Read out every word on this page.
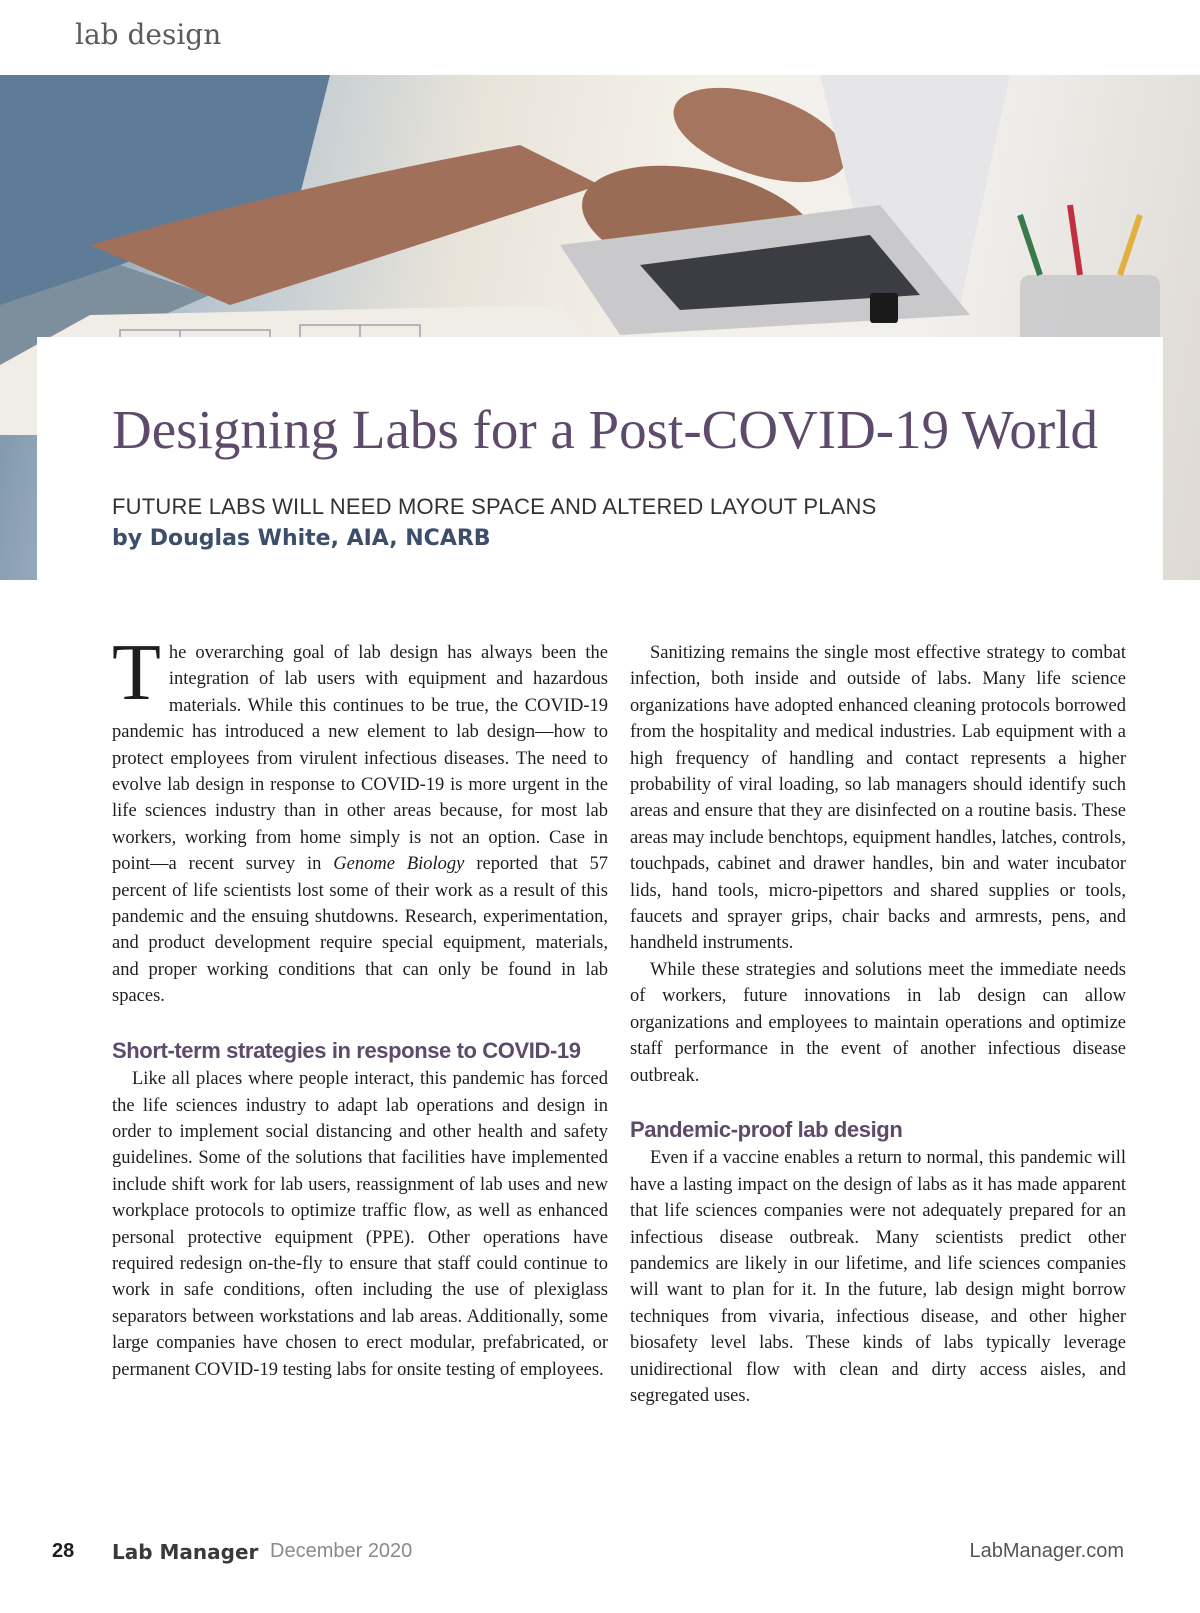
lab design
Designing Labs for a Post-COVID-19 World
FUTURE LABS WILL NEED MORE SPACE AND ALTERED LAYOUT PLANS
by Douglas White, AIA, NCARB

The overarching goal of lab design has always been the integration of lab users with equipment and hazardous materials. While this continues to be true, the COVID-19 pandemic has introduced a new element to lab design—how to protect employees from virulent infectious diseases. The need to evolve lab design in response to COVID-19 is more urgent in the life sciences industry than in other areas because, for most lab workers, working from home simply is not an option. Case in point—a recent survey in Genome Biology reported that 57 percent of life scientists lost some of their work as a result of this pandemic and the ensuing shutdowns. Research, experimentation, and product development require special equipment, materials, and proper working conditions that can only be found in lab spaces.

Short-term strategies in response to COVID-19

Like all places where people interact, this pandemic has forced the life sciences industry to adapt lab operations and design in order to implement social distancing and other health and safety guidelines. Some of the solutions that facilities have implemented include shift work for lab users, reassignment of lab uses and new workplace protocols to optimize traffic flow, as well as enhanced personal protective equipment (PPE). Other operations have required redesign on-the-fly to ensure that staff could continue to work in safe conditions, often including the use of plexiglass separators between workstations and lab areas. Additionally, some large companies have chosen to erect modular, prefabricated, or permanent COVID-19 testing labs for onsite testing of employees.

Sanitizing remains the single most effective strategy to combat infection, both inside and outside of labs. Many life science organizations have adopted enhanced cleaning protocols borrowed from the hospitality and medical industries. Lab equipment with a high frequency of handling and contact represents a higher probability of viral loading, so lab managers should identify such areas and ensure that they are disinfected on a routine basis. These areas may include benchtops, equipment handles, latches, controls, touchpads, cabinet and drawer handles, bin and water incubator lids, hand tools, micro-pipettors and shared supplies or tools, faucets and sprayer grips, chair backs and armrests, pens, and handheld instruments.

While these strategies and solutions meet the immediate needs of workers, future innovations in lab design can allow organizations and employees to maintain operations and optimize staff performance in the event of another infectious disease outbreak.

Pandemic-proof lab design

Even if a vaccine enables a return to normal, this pandemic will have a lasting impact on the design of labs as it has made apparent that life sciences companies were not adequately prepared for an infectious disease outbreak. Many scientists predict other pandemics are likely in our lifetime, and life sciences companies will want to plan for it. In the future, lab design might borrow techniques from vivaria, infectious disease, and other higher biosafety level labs. These kinds of labs typically leverage unidirectional flow with clean and dirty access aisles, and segregated uses.

28 Lab Manager December 2020	LabManager.com
